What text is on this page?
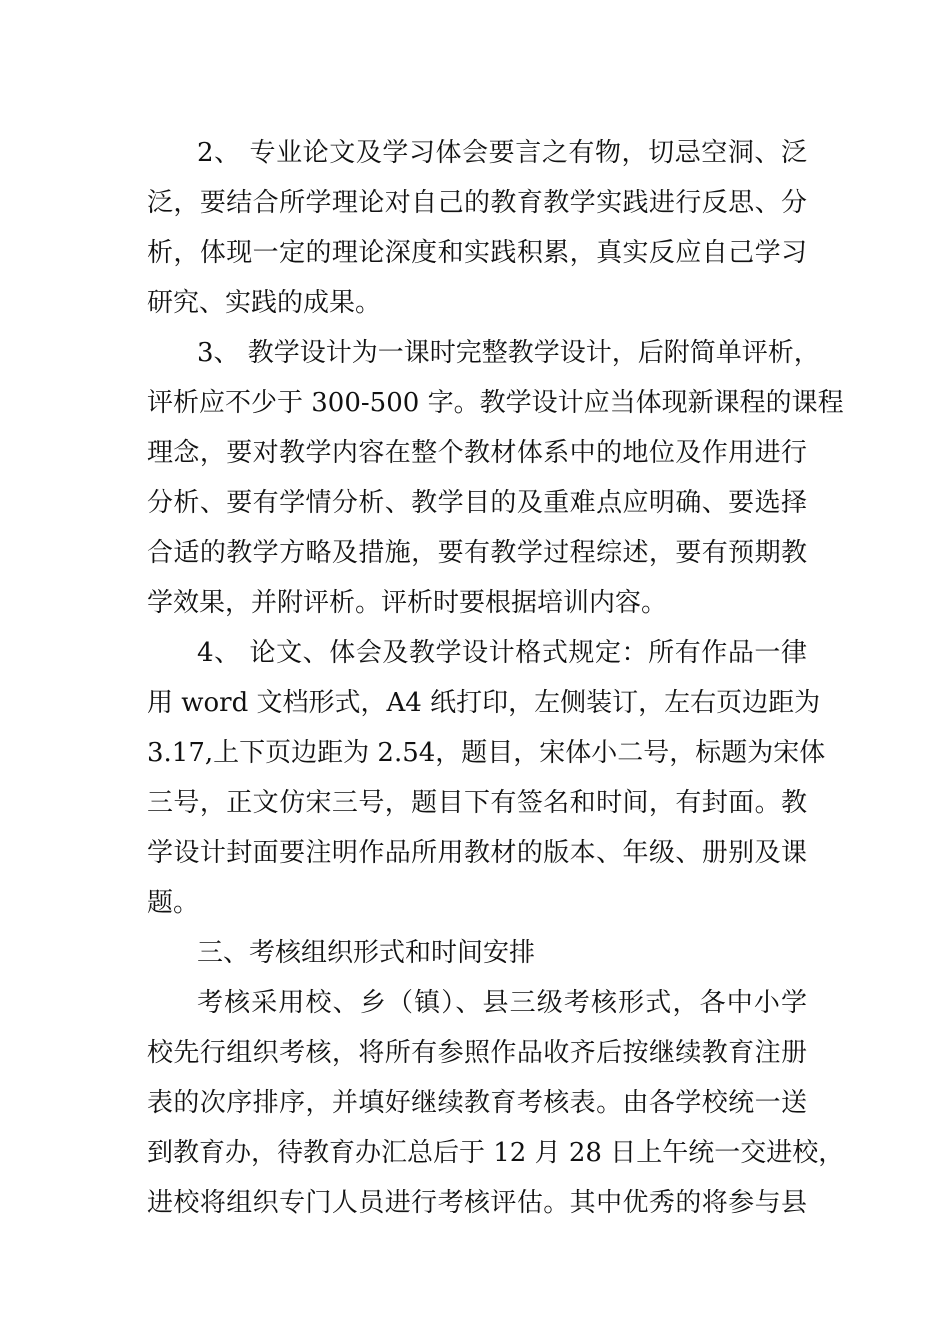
2、 专业论文及学习体会要言之有物，切忌空洞、泛
泛，要结合所学理论对自己的教育教学实践进行反思、分
析，体现一定的理论深度和实践积累，真实反应自己学习
研究、实践的成果。
3、 教学设计为一课时完整教学设计，后附简单评析，
评析应不少于 300-500 字。教学设计应当体现新课程的课程
理念，要对教学内容在整个教材体系中的地位及作用进行
分析、要有学情分析、教学目的及重难点应明确、要选择
合适的教学方略及措施，要有教学过程综述，要有预期教
学效果，并附评析。评析时要根据培训内容。
4、 论文、体会及教学设计格式规定：所有作品一律
用 word 文档形式，A4 纸打印，左侧装订，左右页边距为
3.17,上下页边距为 2.54，题目，宋体小二号，标题为宋体
三号，正文仿宋三号，题目下有签名和时间，有封面。教
学设计封面要注明作品所用教材的版本、年级、册别及课
题。
三、考核组织形式和时间安排
考核采用校、乡（镇）、县三级考核形式，各中小学
校先行组织考核，将所有参照作品收齐后按继续教育注册
表的次序排序，并填好继续教育考核表。由各学校统一送
到教育办，待教育办汇总后于 12 月 28 日上午统一交进校，
进校将组织专门人员进行考核评估。其中优秀的将参与县
